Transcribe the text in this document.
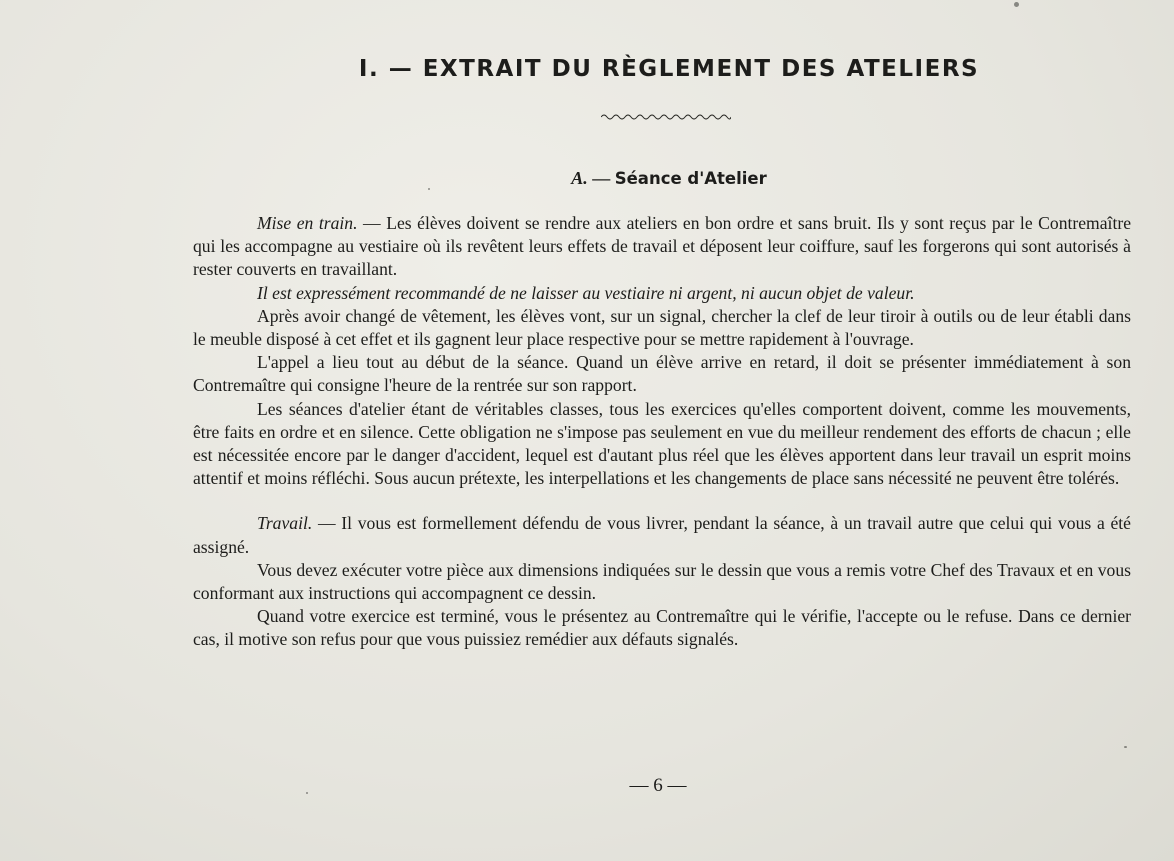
I. — EXTRAIT DU RÈGLEMENT DES ATELIERS
A. — Séance d'Atelier

Mise en train. — Les élèves doivent se rendre aux ateliers en bon ordre et sans bruit. Ils y sont reçus par le Contremaître qui les accompagne au vestiaire où ils revêtent leurs effets de travail et déposent leur coiffure, sauf les forgerons qui sont autorisés à rester couverts en travaillant.

Il est expressément recommandé de ne laisser au vestiaire ni argent, ni aucun objet de valeur.

Après avoir changé de vêtement, les élèves vont, sur un signal, chercher la clef de leur tiroir à outils ou de leur établi dans le meuble disposé à cet effet et ils gagnent leur place respective pour se mettre rapidement à l'ouvrage.

L'appel a lieu tout au début de la séance. Quand un élève arrive en retard, il doit se présenter immédiatement à son Contremaître qui consigne l'heure de la rentrée sur son rapport.

Les séances d'atelier étant de véritables classes, tous les exercices qu'elles comportent doivent, comme les mouvements, être faits en ordre et en silence. Cette obligation ne s'impose pas seulement en vue du meilleur rendement des efforts de chacun ; elle est nécessitée encore par le danger d'accident, lequel est d'autant plus réel que les élèves apportent dans leur travail un esprit moins attentif et moins réfléchi. Sous aucun prétexte, les interpellations et les changements de place sans nécessité ne peuvent être tolérés.

Travail. — Il vous est formellement défendu de vous livrer, pendant la séance, à un travail autre que celui qui vous a été assigné.

Vous devez exécuter votre pièce aux dimensions indiquées sur le dessin que vous a remis votre Chef des Travaux et en vous conformant aux instructions qui accompagnent ce dessin.

Quand votre exercice est terminé, vous le présentez au Contremaître qui le vérifie, l'accepte ou le refuse. Dans ce dernier cas, il motive son refus pour que vous puissiez remédier aux défauts signalés.

— 6 —
